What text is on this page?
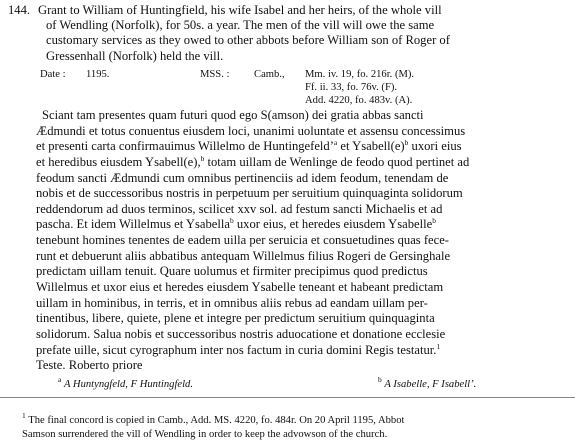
144. Grant to William of Huntingfield, his wife Isabel and her heirs, of the whole vill
of Wendling (Norfolk), for 50s. a year. The men of the vill will owe the same
customary services as they owed to other abbots before William son of Roger of
Gressenhall (Norfolk) held the vill.
Date : 1195.	MSS. : Camb., Mm. iv. 19, fo. 216r. (M).
Ff. ii. 33, fo. 76v. (F).
Add. 4220, fo. 483v. (A).
Sciant tam presentes quam futuri quod ego S(amson) dei gratia abbas sancti
Ædmundi et totus conuentus eiusdem loci, unanimi uoluntate et assensu concessimus
et presenti carta confirmauimus Willelmo de Huntingefeld’$^a$ et $Ysabell(e)^b$ uxori eius
et heredibus eiusdem Ysabell(e),$^b$ totam uillam de Wenlinge de feodo quod pertinet ad
feodum sancti Ædmundi cum omnibus pertinenciis ad idem feodum, tenendam de
nobis et de successoribus nostris in perpetuum per seruitium quinquaginta solidorum
reddendorum ad duos terminos, scilicet xxv sol. ad festum sancti Michaelis et ad
pascha. Et idem Willelmus et Ysabella$^b$ uxor eius, et heredes eiusdem Ysabelle$^b$
tenebunt homines tenentes de eadem uilla per seruicia et consuetudines quas fece-
runt et debuerunt aliis abbatibus antequam Willelmus filius Rogeri de Gersinghale
predictam uillam tenuit. Quare uolumus et firmiter precipimus quod predictus
Willelmus et uxor eius et heredes eiusdem Ysabelle teneant et habeant predictam
uillam in hominibus, in terris, et in omnibus aliis rebus ad eandam uillam per-
tinentibus, libere, quiete, plene et integre per predictum seruitium quinquaginta
solidorum. Salua nobis et successoribus nostris aduocatione et donatione ecclesie
prefate uille, sicut cyrographum inter nos factum in curia domini Regis testatur.$^1$
Teste. Roberto priore
$^a$ A Huntyngfeld, F Huntingfeld.	$^b$ A Isabelle, F Isabell’.
$^1$ The final concord is copied in Camb., Add. MS. 4220, fo. 484r. On 20 April 1195, Abbot
Samson surrendered the vill of Wendling in order to keep the advowson of the church.
